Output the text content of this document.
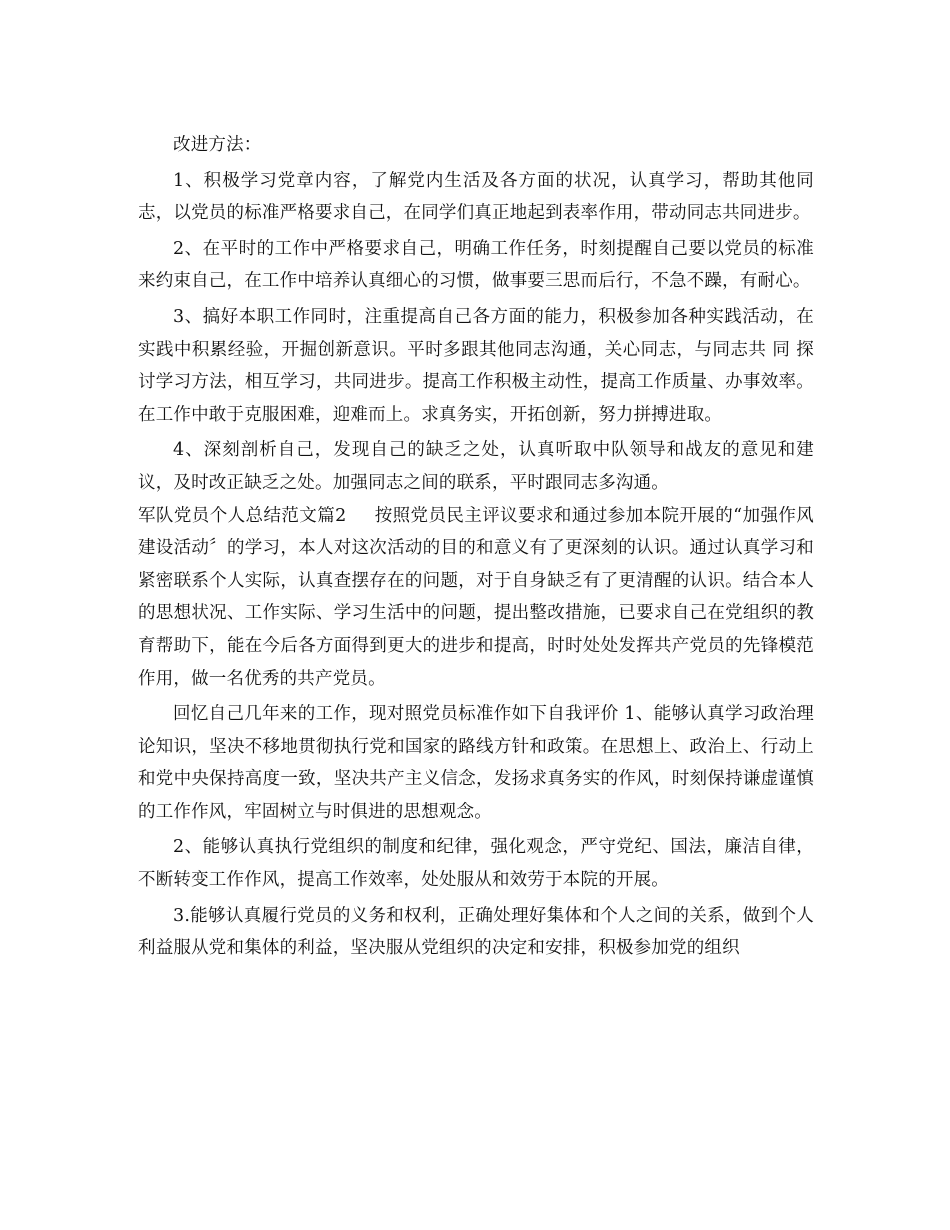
改进方法：

1、积极学习党章内容，了解党内生活及各方面的状况，认真学习，帮助其他同志，以党员的标准严格要求自己，在同学们真正地起到表率作用，带动同志共同进步。

2、在平时的工作中严格要求自己，明确工作任务，时刻提醒自己要以党员的标准来约束自己，在工作中培养认真细心的习惯，做事要三思而后行，不急不躁，有耐心。

3、搞好本职工作同时，注重提高自己各方面的能力，积极参加各种实践活动，在实践中积累经验，开掘创新意识。平时多跟其他同志沟通，关心同志，与同志共 同 探讨学习方法，相互学习，共同进步。提高工作积极主动性，提高工作质量、办事效率。在工作中敢于克服困难，迎难而上。求真务实，开拓创新，努力拼搏进取。

4、深刻剖析自己，发现自己的缺乏之处，认真听取中队领导和战友的意见和建议，及时改正缺乏之处。加强同志之间的联系，平时跟同志多沟通。

军队党员个人总结范文篇2 按照党员民主评议要求和通过参加本院开展的“加强作风建设活动〞的学习，本人对这次活动的目的和意义有了更深刻的认识。通过认真学习和紧密联系个人实际，认真查摆存在的问题，对于自身缺乏有了更清醒的认识。结合本人的思想状况、工作实际、学习生活中的问题，提出整改措施，已要求自己在党组织的教育帮助下，能在今后各方面得到更大的进步和提高，时时处处发挥共产党员的先锋模范作用，做一名优秀的共产党员。

回忆自己几年来的工作，现对照党员标准作如下自我评价 1、能够认真学习政治理论知识，坚决不移地贯彻执行党和国家的路线方针和政策。在思想上、政治上、行动上和党中央保持高度一致，坚决共产主义信念，发扬求真务实的作风，时刻保持谦虚谨慎的工作作风，牢固树立与时俱进的思想观念。

2、能够认真执行党组织的制度和纪律，强化观念，严守党纪、国法，廉洁自律，不断转变工作作风，提高工作效率，处处服从和效劳于本院的开展。

3.能够认真履行党员的义务和权利，正确处理好集体和个人之间的关系，做到个人利益服从党和集体的利益，坚决服从党组织的决定和安排，积极参加党的组织
